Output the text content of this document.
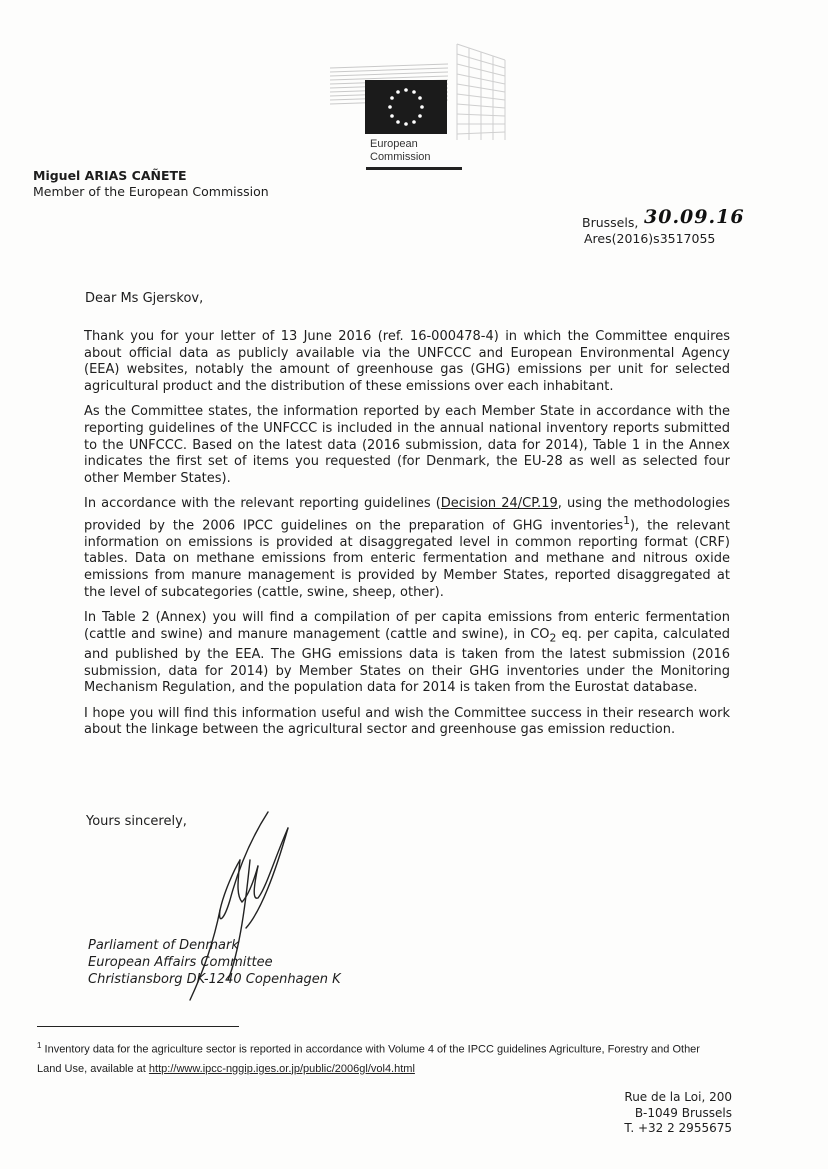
European
Commission
Miguel ARIAS CAÑETE
Member of the European Commission
Brussels, 30.09.16
Ares(2016)s3517055
Dear Ms Gjerskov,

Thank you for your letter of 13 June 2016 (ref. 16-000478-4) in which the Committee enquires about official data as publicly available via the UNFCCC and European Environmental Agency (EEA) websites, notably the amount of greenhouse gas (GHG) emissions per unit for selected agricultural product and the distribution of these emissions over each inhabitant.

As the Committee states, the information reported by each Member State in accordance with the reporting guidelines of the UNFCCC is included in the annual national inventory reports submitted to the UNFCCC. Based on the latest data (2016 submission, data for 2014), Table 1 in the Annex indicates the first set of items you requested (for Denmark, the EU-28 as well as selected four other Member States).

In accordance with the relevant reporting guidelines (Decision 24/CP.19, using the methodologies provided by the 2006 IPCC guidelines on the preparation of GHG inventories$^1$), the relevant information on emissions is provided at disaggregated level in common reporting format (CRF) tables. Data on methane emissions from enteric fermentation and methane and nitrous oxide emissions from manure management is provided by Member States, reported disaggregated at the level of subcategories (cattle, swine, sheep, other).

In Table 2 (Annex) you will find a compilation of per capita emissions from enteric fermentation (cattle and swine) and manure management (cattle and swine), in $CO_2$ eq. per capita, calculated and published by the EEA. The GHG emissions data is taken from the latest submission (2016 submission, data for 2014) by Member States on their GHG inventories under the Monitoring Mechanism Regulation, and the population data for 2014 is taken from the Eurostat database.

I hope you will find this information useful and wish the Committee success in their research work about the linkage between the agricultural sector and greenhouse gas emission reduction.

Yours sincerely,
Parliament of Denmark
European Affairs Committee
Christiansborg DK-1240 Copenhagen K
$^1$ Inventory data for the agriculture sector is reported in accordance with Volume 4 of the IPCC guidelines Agriculture, Forestry and Other Land Use, available at http://www.ipcc-nggip.iges.or.jp/public/2006gl/vol4.html
Rue de la Loi, 200
B-1049 Brussels
T. +32 2 2955675
